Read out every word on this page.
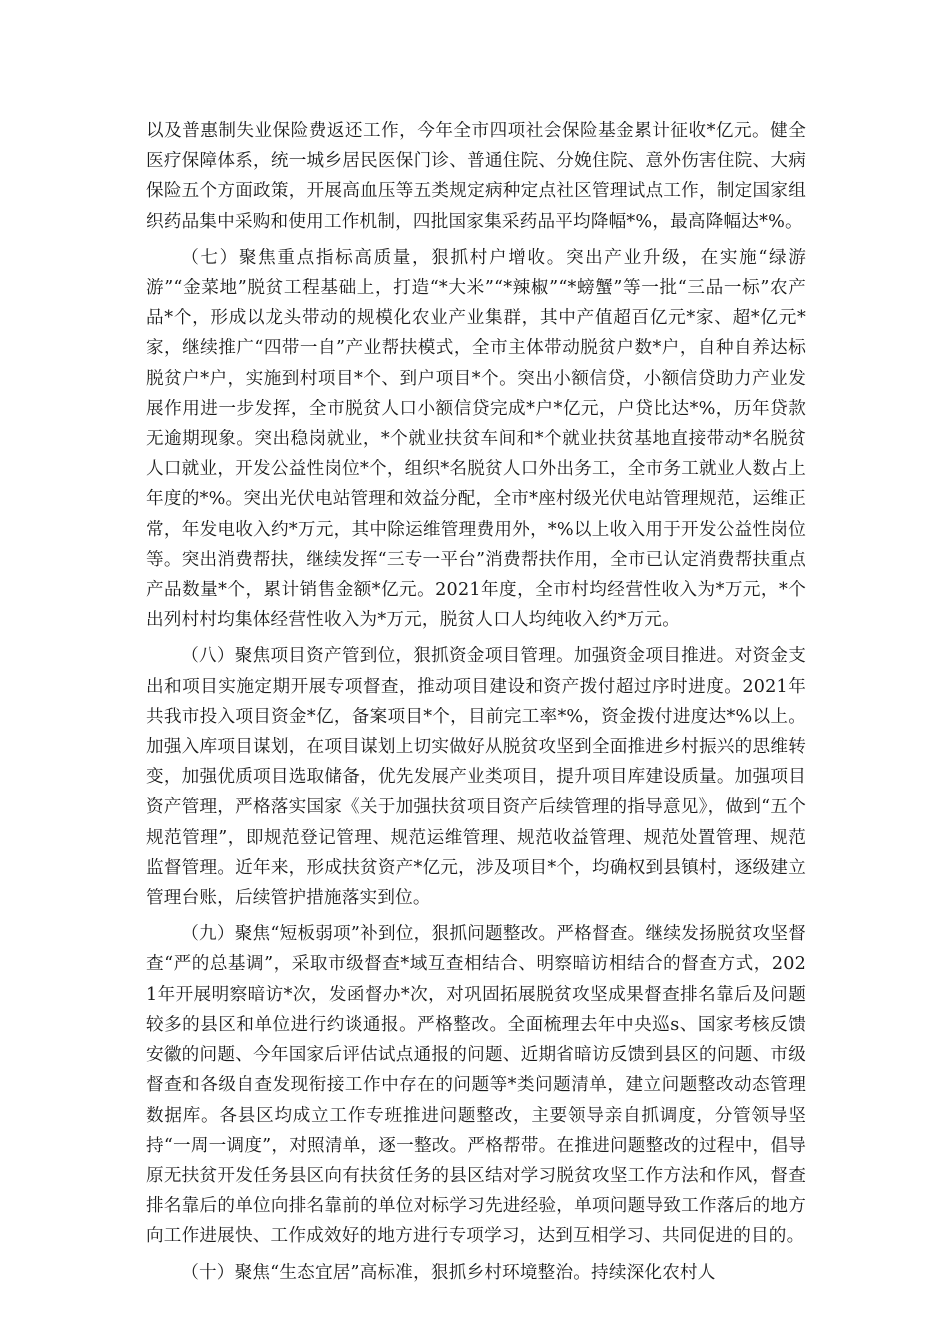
以及普惠制失业保险费返还工作，今年全市四项社会保险基金累计征收*亿元。健全医疗保障体系，统一城乡居民医保门诊、普通住院、分娩住院、意外伤害住院、大病保险五个方面政策，开展高血压等五类规定病种定点社区管理试点工作，制定国家组织药品集中采购和使用工作机制，四批国家集采药品平均降幅*%，最高降幅达*%。

（七）聚焦重点指标高质量，狠抓村户增收。突出产业升级，在实施“绿游游”“金菜地”脱贫工程基础上，打造“*大米”“*辣椒”“*螃蟹”等一批“三品一标”农产品*个，形成以龙头带动的规模化农业产业集群，其中产值超百亿元*家、超*亿元*家，继续推广“四带一自”产业帮扶模式，全市主体带动脱贫户数*户，自种自养达标脱贫户*户，实施到村项目*个、到户项目*个。突出小额信贷，小额信贷助力产业发展作用进一步发挥，全市脱贫人口小额信贷完成*户*亿元，户贷比达*%，历年贷款无逾期现象。突出稳岗就业，*个就业扶贫车间和*个就业扶贫基地直接带动*名脱贫人口就业，开发公益性岗位*个，组织*名脱贫人口外出务工，全市务工就业人数占上年度的*%。突出光伏电站管理和效益分配，全市*座村级光伏电站管理规范，运维正常，年发电收入约*万元，其中除运维管理费用外，*%以上收入用于开发公益性岗位等。突出消费帮扶，继续发挥“三专一平台”消费帮扶作用，全市已认定消费帮扶重点产品数量*个，累计销售金额*亿元。2021年度，全市村均经营性收入为*万元，*个出列村村均集体经营性收入为*万元，脱贫人口人均纯收入约*万元。

（八）聚焦项目资产管到位，狠抓资金项目管理。加强资金项目推进。对资金支出和项目实施定期开展专项督查，推动项目建设和资产拨付超过序时进度。2021年共我市投入项目资金*亿，备案项目*个，目前完工率*%，资金拨付进度达*%以上。加强入库项目谋划，在项目谋划上切实做好从脱贫攻坚到全面推进乡村振兴的思维转变，加强优质项目选取储备，优先发展产业类项目，提升项目库建设质量。加强项目资产管理，严格落实国家《关于加强扶贫项目资产后续管理的指导意见》，做到“五个规范管理”，即规范登记管理、规范运维管理、规范收益管理、规范处置管理、规范监督管理。近年来，形成扶贫资产*亿元，涉及项目*个，均确权到县镇村，逐级建立管理台账，后续管护措施落实到位。

（九）聚焦“短板弱项”补到位，狠抓问题整改。严格督查。继续发扬脱贫攻坚督查“严的总基调”，采取市级督查*域互查相结合、明察暗访相结合的督查方式，2021年开展明察暗访*次，发函督办*次，对巩固拓展脱贫攻坚成果督查排名靠后及问题较多的县区和单位进行约谈通报。严格整改。全面梳理去年中央巡s、国家考核反馈安徽的问题、今年国家后评估试点通报的问题、近期省暗访反馈到县区的问题、市级督查和各级自查发现衔接工作中存在的问题等*类问题清单，建立问题整改动态管理数据库。各县区均成立工作专班推进问题整改，主要领导亲自抓调度，分管领导坚持“一周一调度”，对照清单，逐一整改。严格帮带。在推进问题整改的过程中，倡导原无扶贫开发任务县区向有扶贫任务的县区结对学习脱贫攻坚工作方法和作风，督查排名靠后的单位向排名靠前的单位对标学习先进经验，单项问题导致工作落后的地方向工作进展快、工作成效好的地方进行专项学习，达到互相学习、共同促进的目的。

（十）聚焦“生态宜居”高标准，狠抓乡村环境整治。持续深化农村人
